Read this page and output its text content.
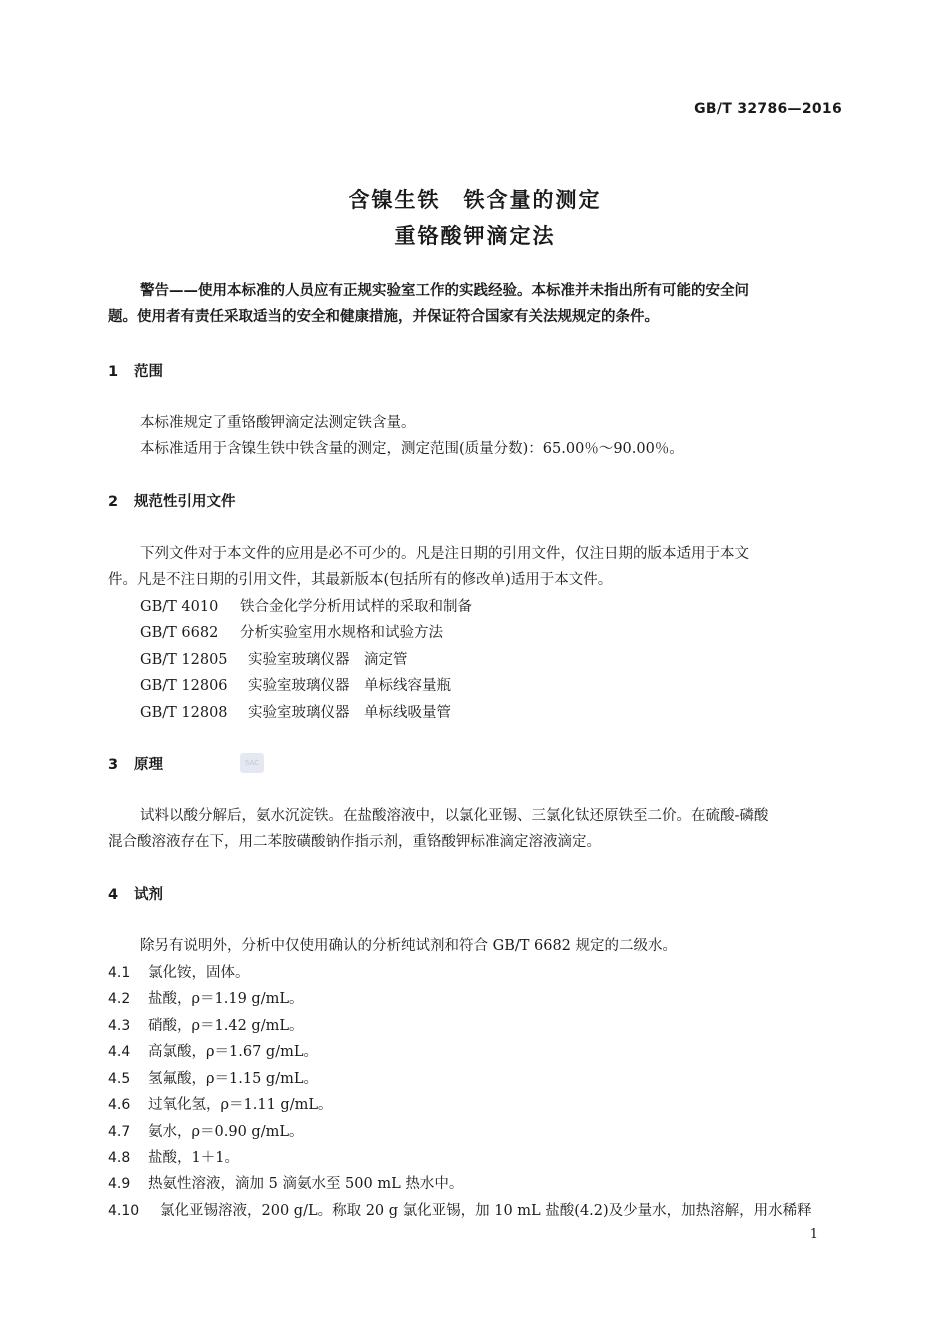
GB/T 32786—2016
含镍生铁　铁含量的测定
重铬酸钾滴定法
警告——使用本标准的人员应有正规实验室工作的实践经验。本标准并未指出所有可能的安全问
题。使用者有责任采取适当的安全和健康措施，并保证符合国家有关法规规定的条件。
1 范围
本标准规定了重铬酸钾滴定法测定铁含量。
本标准适用于含镍生铁中铁含量的测定，测定范围(质量分数)：65.00％～90.00％。
2 规范性引用文件
下列文件对于本文件的应用是必不可少的。凡是注日期的引用文件，仅注日期的版本适用于本文
件。凡是不注日期的引用文件，其最新版本(包括所有的修改单)适用于本文件。
GB/T 4010 铁合金化学分析用试样的采取和制备
GB/T 6682 分析实验室用水规格和试验方法
GB/T 12805 实验室玻璃仪器　滴定管
GB/T 12806 实验室玻璃仪器　单标线容量瓶
GB/T 12808 实验室玻璃仪器　单标线吸量管
3 原理	SAC
试料以酸分解后，氨水沉淀铁。在盐酸溶液中，以氯化亚锡、三氯化钛还原铁至二价。在硫酸-磷酸
混合酸溶液存在下，用二苯胺磺酸钠作指示剂，重铬酸钾标准滴定溶液滴定。
4 试剂
除另有说明外，分析中仅使用确认的分析纯试剂和符合 GB/T 6682 规定的二级水。
4.1 氯化铵，固体。
4.2 盐酸，ρ＝1.19 g/mL。
4.3 硝酸，ρ＝1.42 g/mL。
4.4 高氯酸，ρ＝1.67 g/mL。
4.5 氢氟酸，ρ＝1.15 g/mL。
4.6 过氧化氢，ρ＝1.11 g/mL。
4.7 氨水，ρ＝0.90 g/mL。
4.8 盐酸，1＋1。
4.9 热氨性溶液，滴加 5 滴氨水至 500 mL 热水中。
4.10 氯化亚锡溶液，200 g/L。称取 20 g 氯化亚锡，加 10 mL 盐酸(4.2)及少量水，加热溶解，用水稀释
1
